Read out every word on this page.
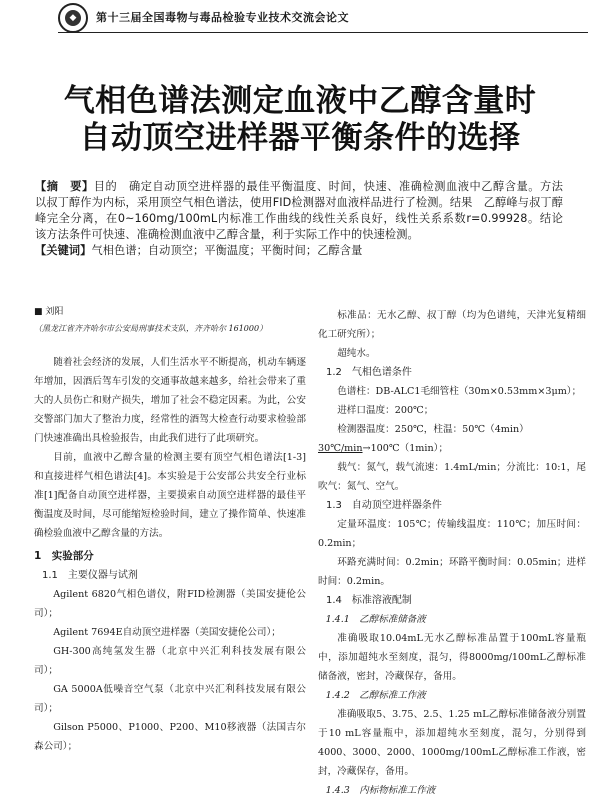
◆	第十三届全国毒物与毒品检验专业技术交流会论文
气相色谱法测定血液中乙醇含量时
自动顶空进样器平衡条件的选择
【摘　要】目的　确定自动顶空进样器的最佳平衡温度、时间，快速、准确检测血液中乙醇含量。方法　以叔丁醇作为内标，采用顶空气相色谱法，使用FID检测器对血液样品进行了检测。结果　乙醇峰与叔丁醇峰完全分离，在0~160mg/100mL内标准工作曲线的线性关系良好，线性关系系数r=0.99928。结论　该方法条件可快速、准确检测血液中乙醇含量，利于实际工作中的快速检测。
【关键词】气相色谱；自动顶空；平衡温度；平衡时间；乙醇含量

■ 刘阳

（黑龙江省齐齐哈尔市公安局刑事技术支队，齐齐哈尔 161000）

随着社会经济的发展，人们生活水平不断提高，机动车辆逐年增加，因酒后驾车引发的交通事故越来越多，给社会带来了重大的人员伤亡和财产损失，增加了社会不稳定因素。为此，公安交警部门加大了整治力度，经常性的酒驾大检查行动要求检验部门快速准确出具检验报告，由此我们进行了此项研究。

目前，血液中乙醇含量的检测主要有顶空气相色谱法[1-3]和直接进样气相色谱法[4]。本实验是于公安部公共安全行业标准[1]配备自动顶空进样器，主要摸索自动顶空进样器的最佳平衡温度及时间，尽可能缩短检验时间，建立了操作简单、快速准确检验血液中乙醇含量的方法。

1　实验部分

1.1　主要仪器与试剂

Agilent 6820气相色谱仪，附FID检测器（美国安捷伦公司）；

Agilent 7694E自动顶空进样器（美国安捷伦公司）；

GH-300高纯氢发生器（北京中兴汇利科技发展有限公司）；

GA 5000A低噪音空气泵（北京中兴汇利科技发展有限公司）；

Gilson P5000、P1000、P200、M10移液器（法国吉尔森公司）；

标准品：无水乙醇、叔丁醇（均为色谱纯，天津光复精细化工研究所）；

超纯水。

1.2　气相色谱条件

色谱柱：DB-ALC1毛细管柱（30m×0.53mm×3μm）；

进样口温度：200℃；

检测器温度：250℃，柱温：50℃（4min）

30℃/min→100℃（1min）；

载气：氮气，载气流速：1.4mL/min；分流比：10:1，尾吹气：氮气、空气。

1.3　自动顶空进样器条件

定量环温度：105℃；传输线温度：110℃；加压时间：0.2min；

环路充满时间：0.2min；环路平衡时间：0.05min；进样时间：0.2min。

1.4　标准溶液配制

1.4.1　乙醇标准储备液

准确吸取10.04mL无水乙醇标准品置于100mL容量瓶中，添加超纯水至刻度，混匀，得8000mg/100mL乙醇标准储备液，密封，冷藏保存，备用。

1.4.2　乙醇标准工作液

准确吸取5、3.75、2.5、1.25 mL乙醇标准储备液分别置于10 mL容量瓶中，添加超纯水至刻度，混匀，分别得到4000、3000、2000、1000mg/100mL乙醇标准工作液，密封，冷藏保存，备用。

1.4.3　内标物标准工作液
